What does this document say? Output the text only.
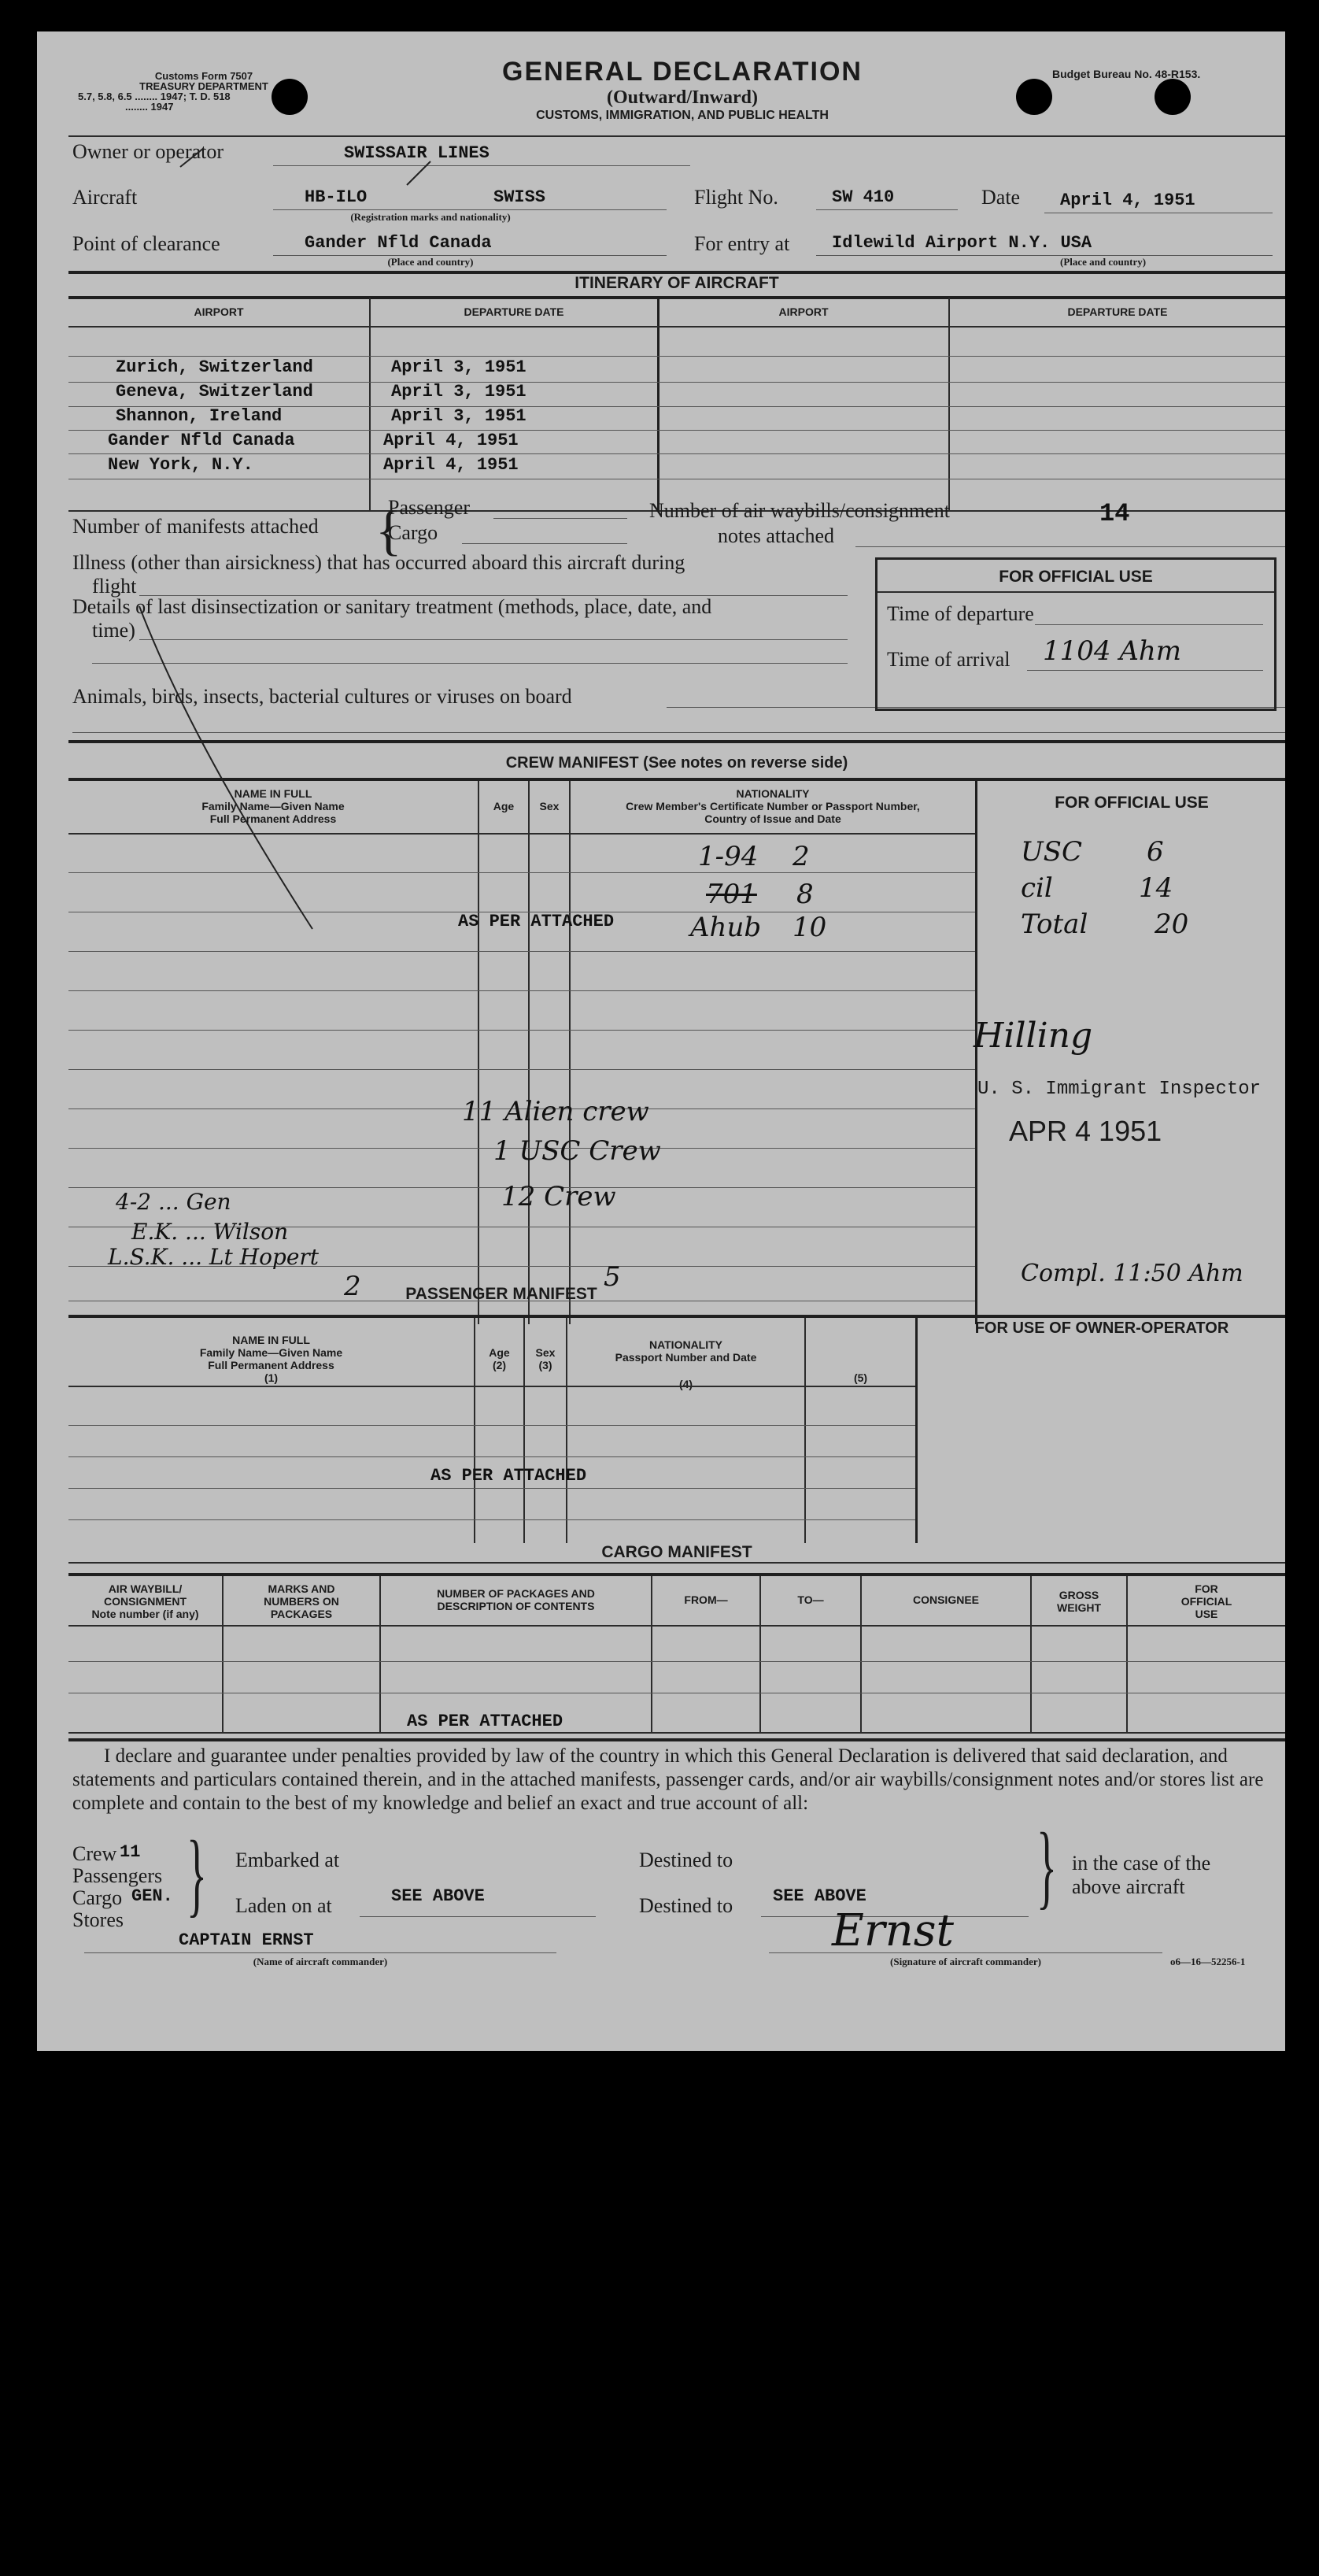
Customs Form 7507
TREASURY DEPARTMENT
5.7, 5.8, 6.5 ........ 1947; T. D. 518
........ 1947
GENERAL DECLARATION
(Outward/Inward)
CUSTOMS, IMMIGRATION, AND PUBLIC HEALTH
Budget Bureau No. 48-R153.
Owner or operator	SWISSAIR LINES
Aircraft	HB-ILO	SWISS
(Registration marks and nationality)
Flight No.	SW 410	Date April 4, 1951
Point of clearance	Gander Nfld Canada
(Place and country)
For entry at Idlewild Airport N.Y. USA
(Place and country)
ITINERARY OF AIRCRAFT
AIRPORT	DEPARTURE DATE	AIRPORT	DEPARTURE DATE
Zurich, Switzerland	April 3, 1951
Geneva, Switzerland	April 3, 1951
Shannon, Ireland	April 3, 1951
Gander Nfld Canada	April 4, 1951
New York, N.Y.	April 4, 1951
Number of manifests attached {
Passenger
Cargo
Number of air waybills/consignment
notes attached
14
Illness (other than airsickness) that has occurred aboard this aircraft during
flight
Details of last disinsectization or sanitary treatment (methods, place, date, and
time)
Animals, birds, insects, bacterial cultures or viruses on board
FOR OFFICIAL USE
Time of departure
Time of arrival 1104 Ahm
CREW MANIFEST (See notes on reverse side)
NAME IN FULL
Family Name—Given Name
Full Permanent Address
Age	Sex
NATIONALITY
Crew Member's Certificate Number or Passport Number,
Country of Issue and Date
FOR OFFICIAL USE
AS PER ATTACHED
1-94 2
701 8
Ahub 10
USC 6
cil	14
Total 20
11 Alien crew
1 USC Crew
12 Crew
Hilling
U. S. Immigrant Inspector
APR 4 1951
4-2 ... Gen
E.K. ... Wilson
L.S.K. ... Lt Hopert
2	PASSENGER MANIFEST
5	Compl. 11:50 Ahm
NAME IN FULL
Family Name—Given Name
Full Permanent Address
(1)
Age
(2)
Sex
(3)
NATIONALITY
Passport Number and Date
(4)	(5)
FOR USE OF OWNER-OPERATOR
AS PER ATTACHED
CARGO MANIFEST
AIR WAYBILL/
CONSIGNMENT
Note number (if any)
MARKS AND
NUMBERS ON
PACKAGES
NUMBER OF PACKAGES AND
DESCRIPTION OF CONTENTS	FROM—	TO—	CONSIGNEE	GROSS
WEIGHT
FOR
OFFICIAL
USE
AS PER ATTACHED
I declare and guarantee under penalties provided by law of the country in which this General Declaration is delivered that said declaration, and statements and particulars contained therein, and in the attached manifests, passenger cards, and/or air waybills/consignment notes and/or stores list are complete and contain to the best of my knowledge and belief an exact and true account of all:
Crew 11
Passengers
Cargo GEN.
Stores } Embarked at
Laden on at	SEE ABOVE
Destined to
Destined to SEE ABOVE } in the case of the
above aircraft
CAPTAIN ERNST
(Name of aircraft commander)
Ernst
(Signature of aircraft commander)	o6—16—52256-1
